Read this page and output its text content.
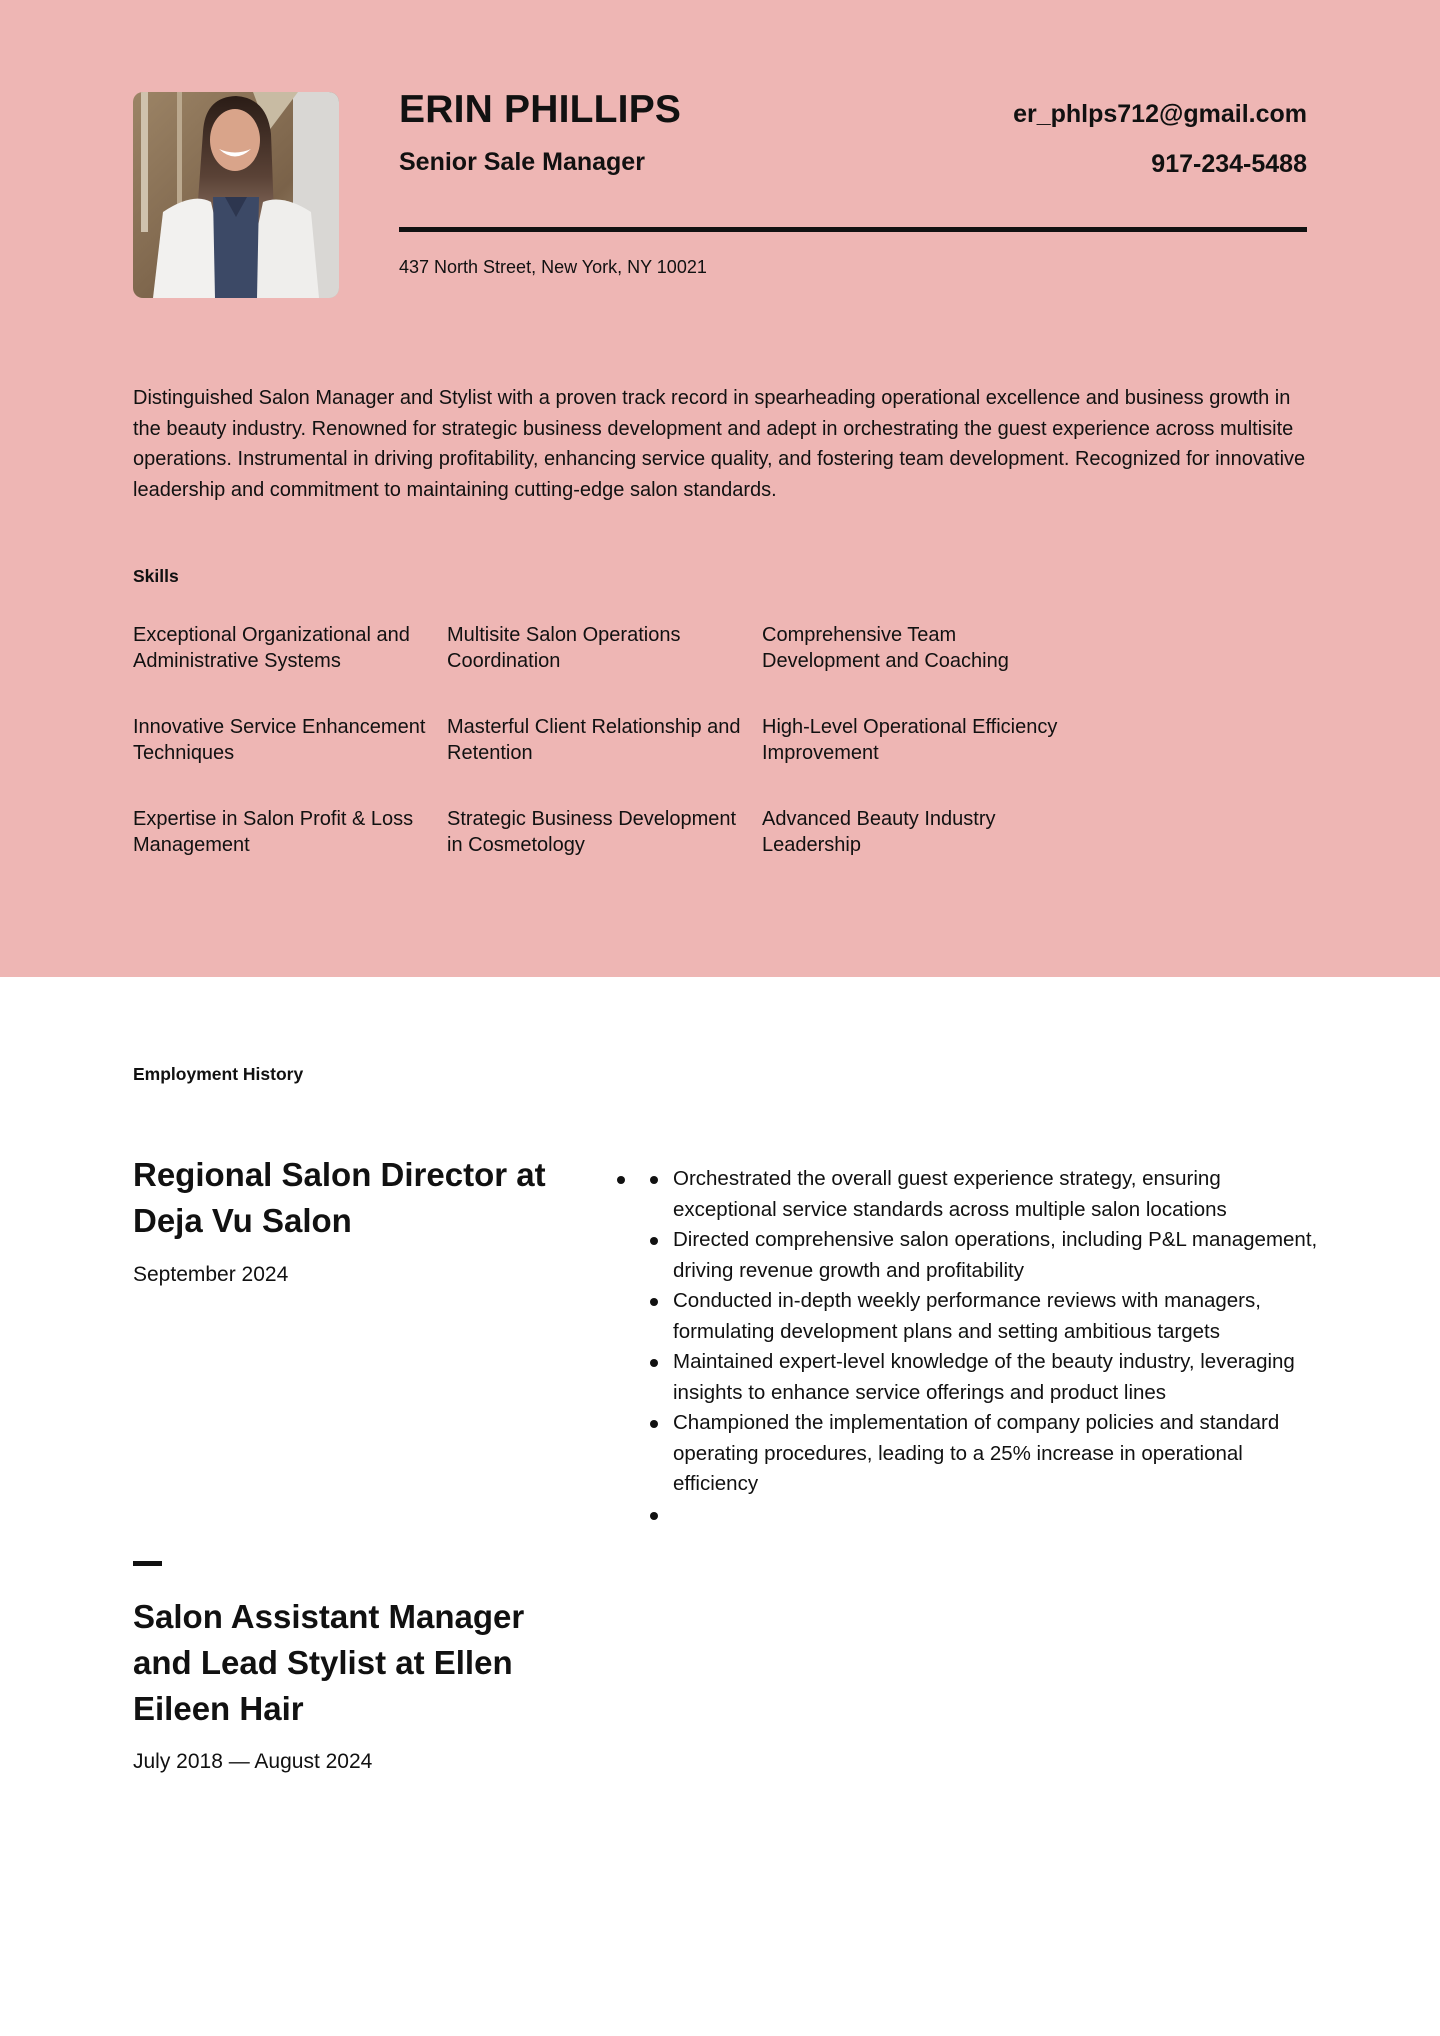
ERIN PHILLIPS
Senior Sale Manager
er_phlps712@gmail.com
917-234-5488
437 North Street, New York, NY 10021

Distinguished Salon Manager and Stylist with a proven track record in spearheading operational excellence and business growth in the beauty industry. Renowned for strategic business development and adept in orchestrating the guest experience across multisite operations. Instrumental in driving profitability, enhancing service quality, and fostering team development. Recognized for innovative leadership and commitment to maintaining cutting-edge salon standards.

Skills
Exceptional Organizational and Administrative Systems
Multisite Salon Operations Coordination
Comprehensive Team Development and Coaching
Innovative Service Enhancement Techniques
Masterful Client Relationship and Retention
High-Level Operational Efficiency Improvement
Expertise in Salon Profit & Loss Management
Strategic Business Development in Cosmetology
Advanced Beauty Industry Leadership
Employment History
Regional Salon Director at Deja Vu Salon
September 2024
Orchestrated the overall guest experience strategy, ensuring exceptional service standards across multiple salon locations
Directed comprehensive salon operations, including P&L management, driving revenue growth and profitability
Conducted in-depth weekly performance reviews with managers, formulating development plans and setting ambitious targets
Maintained expert-level knowledge of the beauty industry, leveraging insights to enhance service offerings and product lines
Championed the implementation of company policies and standard operating procedures, leading to a 25% increase in operational efficiency
Salon Assistant Manager and Lead Stylist at Ellen Eileen Hair
July 2018 — August 2024
